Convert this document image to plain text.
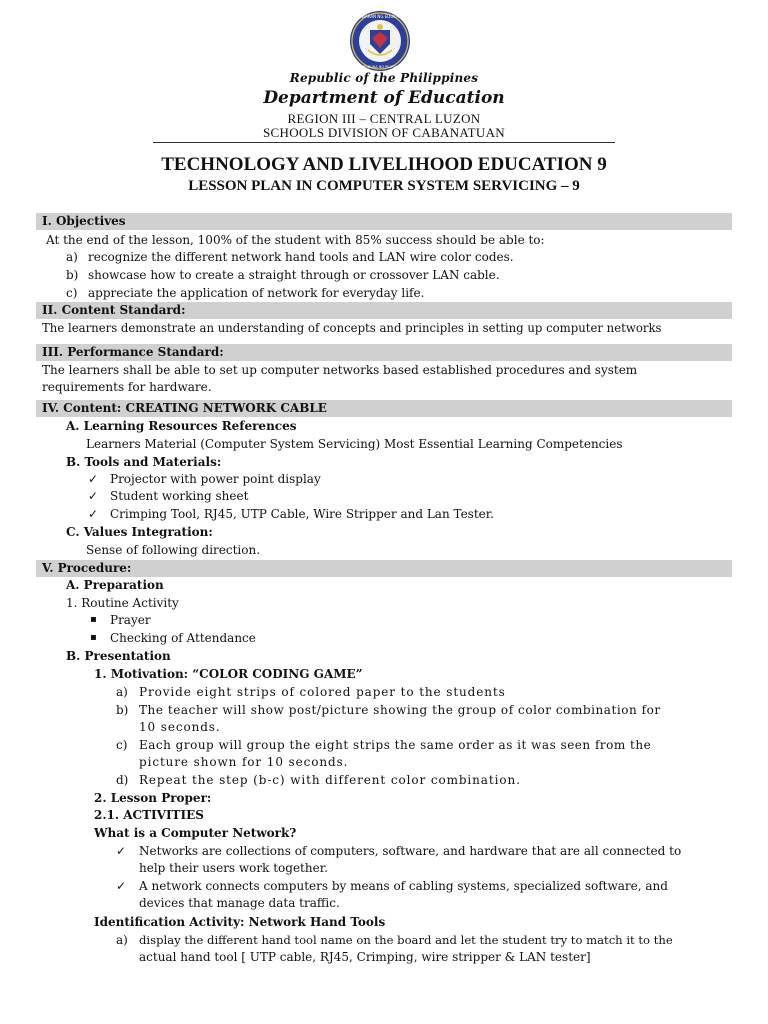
KAGAWARAN NG EDUKASYON
REPUBLIKA NG PILIPINAS
Republic of the Philippines
Department of Education
REGION III – CENTRAL LUZON
SCHOOLS DIVISION OF CABANATUAN
TECHNOLOGY AND LIVELIHOOD EDUCATION 9
LESSON PLAN IN COMPUTER SYSTEM SERVICING – 9
I. Objectives
At the end of the lesson, 100% of the student with 85% success should be able to:
a) recognize the different network hand tools and LAN wire color codes.
b) showcase how to create a straight through or crossover LAN cable.
c) appreciate the application of network for everyday life.
II. Content Standard:
The learners demonstrate an understanding of concepts and principles in setting up computer networks
III. Performance Standard:
The learners shall be able to set up computer networks based established procedures and system
requirements for hardware.
IV. Content: CREATING NETWORK CABLE
A. Learning Resources References
Learners Material (Computer System Servicing) Most Essential Learning Competencies
B. Tools and Materials:
✓ Projector with power point display
✓ Student working sheet
✓ Crimping Tool, RJ45, UTP Cable, Wire Stripper and Lan Tester.
C. Values Integration:
Sense of following direction.
V. Procedure:
A. Preparation
1. Routine Activity
▪ Prayer
▪ Checking of Attendance
B. Presentation
1. Motivation: “COLOR CODING GAME”
a) Provide eight strips of colored paper to the students
b) The teacher will show post/picture showing the group of color combination for
10 seconds.
c) Each group will group the eight strips the same order as it was seen from the
picture shown for 10 seconds.
d) Repeat the step (b-c) with different color combination.
2. Lesson Proper:
2.1. ACTIVITIES
What is a Computer Network?
✓ Networks are collections of computers, software, and hardware that are all connected to
help their users work together.
✓ A network connects computers by means of cabling systems, specialized software, and
devices that manage data traffic.
Identification Activity: Network Hand Tools
a) display the different hand tool name on the board and let the student try to match it to the
actual hand tool [ UTP cable, RJ45, Crimping, wire stripper & LAN tester]
